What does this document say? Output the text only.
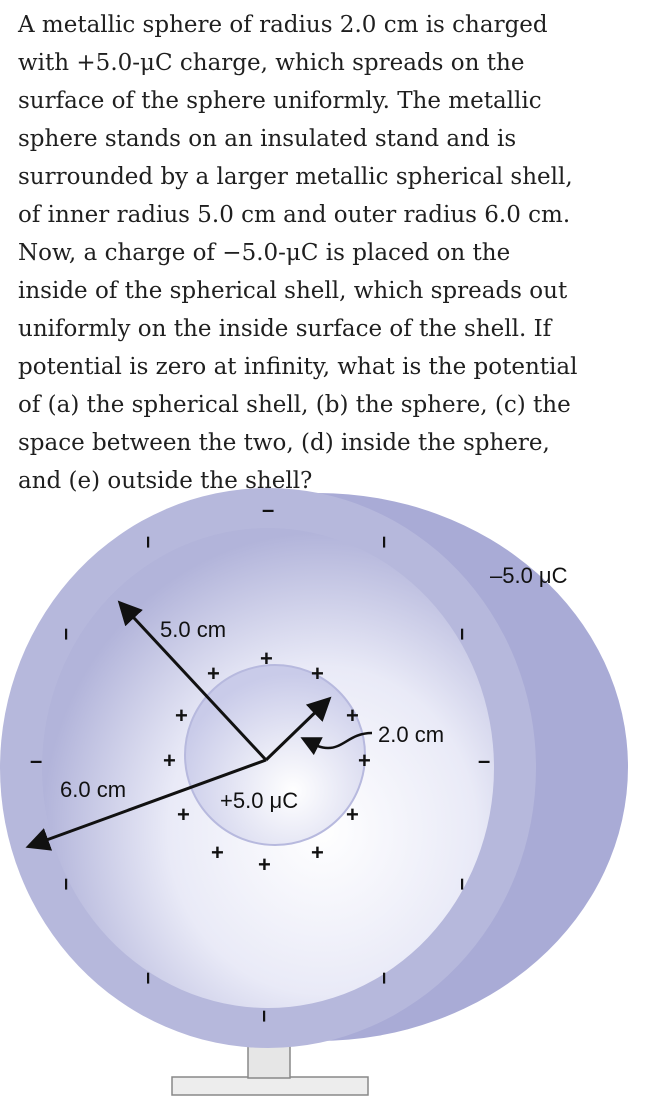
A metallic sphere of radius 2.0 cm is charged
with +5.0-μC charge, which spreads on the
surface of the sphere uniformly. The metallic
sphere stands on an insulated stand and is
surrounded by a larger metallic spherical shell,
of inner radius 5.0 cm and outer radius 6.0 cm.
Now, a charge of −5.0-μC is placed on the
inside of the spherical shell, which spreads out
uniformly on the inside surface of the shell. If
potential is zero at infinity, what is the potential
of (a) the spherical shell, (b) the sphere, (c) the
space between the two, (d) inside the sphere,
and (e) outside the shell?
–5.0 μC
5.0 cm
6.0 cm
2.0 cm
+5.0 μC
+
+	+
+	+
+	+
+	+
+	+
+
–
–	–
–	–
–	–
–	–
–	–
–
